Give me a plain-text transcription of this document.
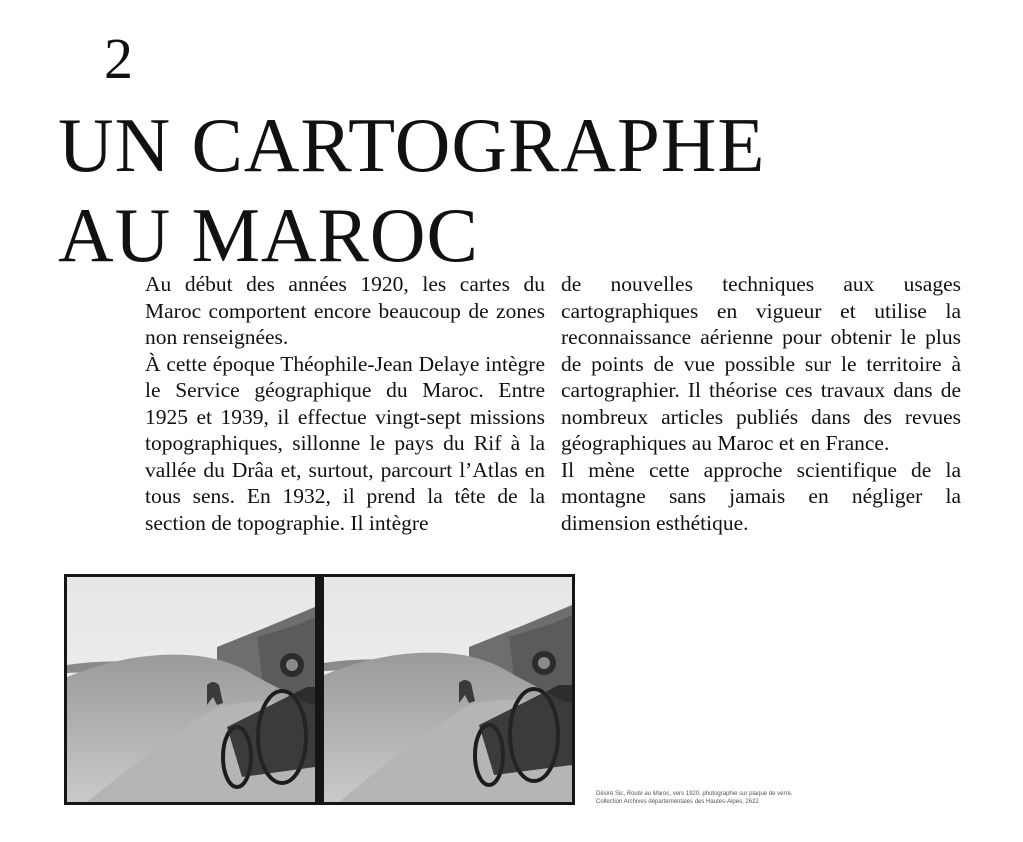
2
UN CARTOGRAPHE
AU MAROC

Au début des années 1920, les cartes du Maroc comportent encore beaucoup de zones non renseignées.

À cette époque Théophile-Jean Delaye intègre le Service géographique du Maroc. Entre 1925 et 1939, il effectue vingt-sept missions topographiques, sillonne le pays du Rif à la vallée du Drâa et, surtout, parcourt l’Atlas en tous sens. En 1932, il prend la tête de la section de topographie. Il intègre

de nouvelles techniques aux usages cartographiques en vigueur et utilise la reconnaissance aérienne pour obtenir le plus de points de vue possible sur le territoire à cartographier. Il théorise ces travaux dans de nombreux articles publiés dans des revues géographiques au Maroc et en France.

Il mène cette approche scientifique de la montagne sans jamais en négliger la dimension esthétique.

Désiré Sic, Route au Maroc, vers 1920, photographie sur plaque de verre.
Collection Archives départementales des Hautes-Alpes, 2622
